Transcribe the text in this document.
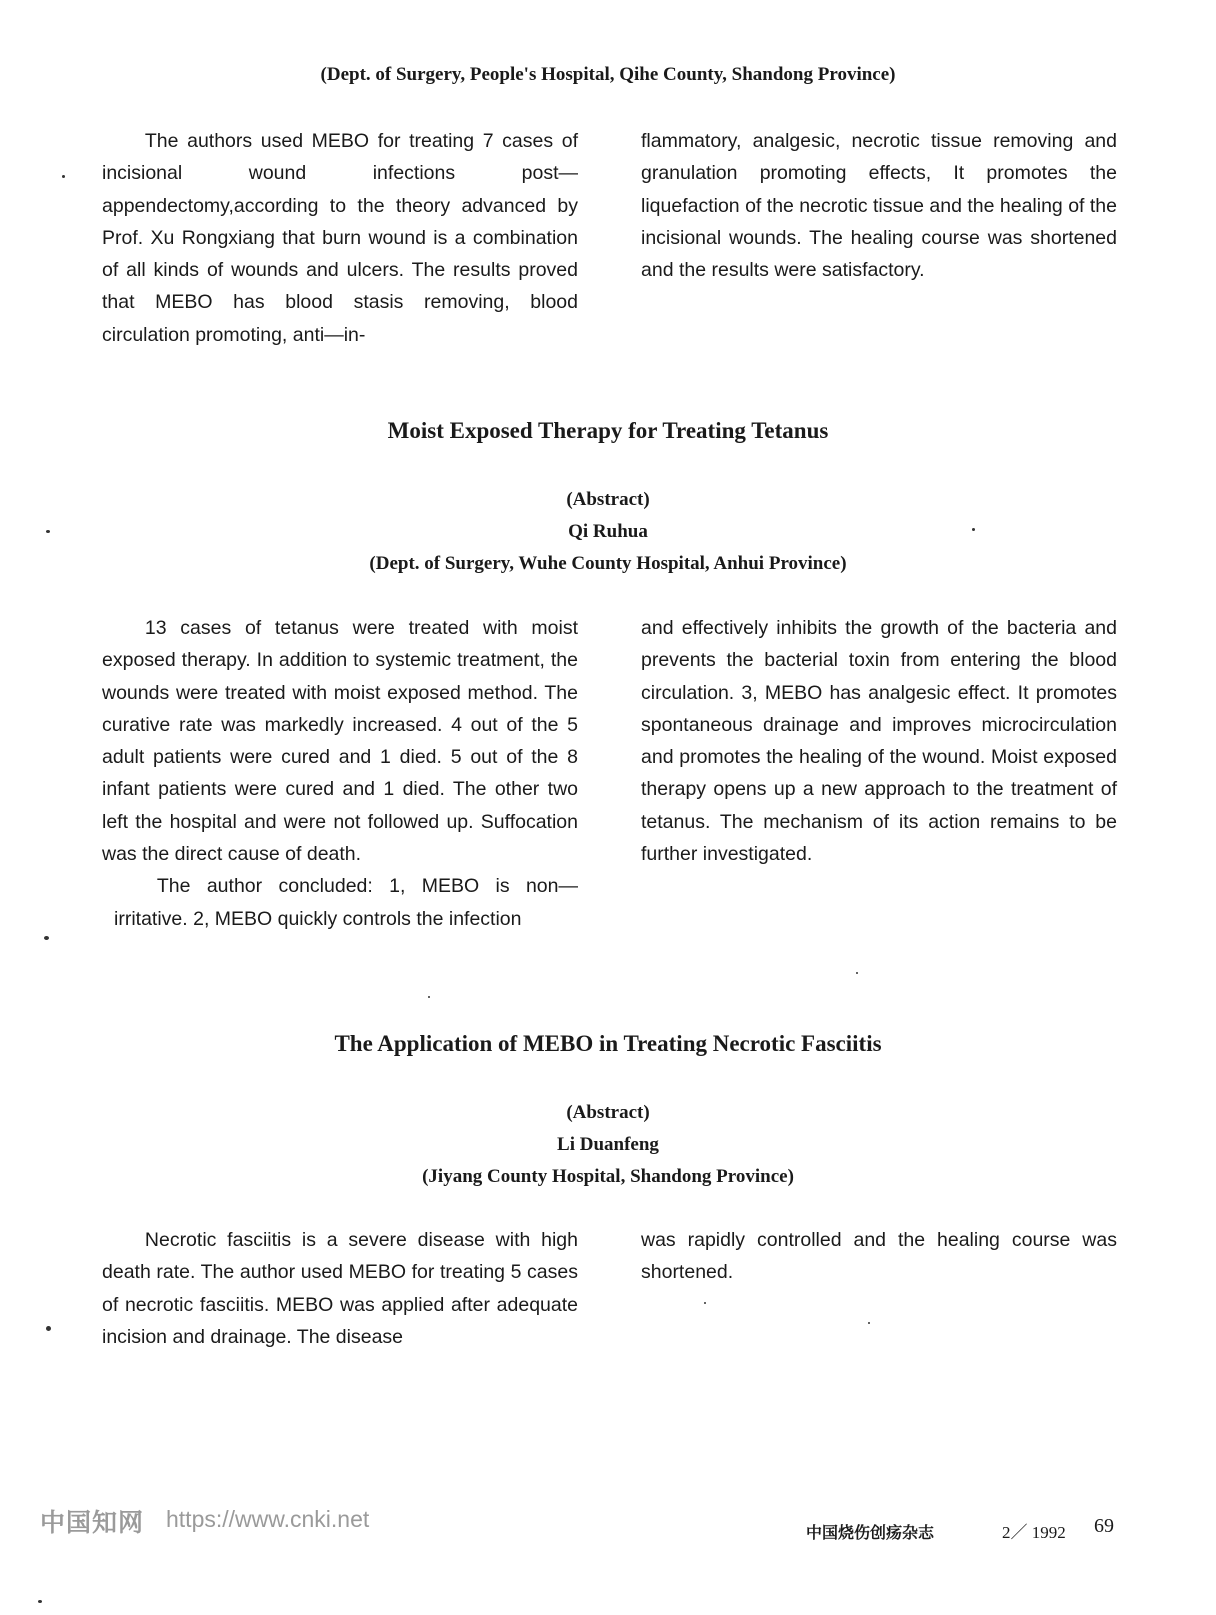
(Dept. of Surgery, People's Hospital, Qihe County, Shandong Province)

The authors used MEBO for treating 7 cases of incisional wound infections post—appendectomy,according to the theory advanced by Prof. Xu Rongxiang that burn wound is a combination of all kinds of wounds and ulcers. The results proved that MEBO has blood stasis removing, blood circulation promoting, anti—in-

flammatory, analgesic, necrotic tissue removing and granulation promoting effects, It promotes the liquefaction of the necrotic tissue and the healing of the incisional wounds. The healing course was shortened and the results were satisfactory.

Moist Exposed Therapy for Treating Tetanus
(Abstract)
Qi Ruhua
(Dept. of Surgery, Wuhe County Hospital, Anhui Province)

13 cases of tetanus were treated with moist exposed therapy. In addition to systemic treatment, the wounds were treated with moist exposed method. The curative rate was markedly increased. 4 out of the 5 adult patients were cured and 1 died. 5 out of the 8 infant patients were cured and 1 died. The other two left the hospital and were not followed up. Suffocation was the direct cause of death.

The author concluded: 1, MEBO is non—irritative. 2, MEBO quickly controls the infection

and effectively inhibits the growth of the bacteria and prevents the bacterial toxin from entering the blood circulation. 3, MEBO has analgesic effect. It promotes spontaneous drainage and improves microcirculation and promotes the healing of the wound. Moist exposed therapy opens up a new approach to the treatment of tetanus. The mechanism of its action remains to be further investigated.

The Application of MEBO in Treating Necrotic Fasciitis
(Abstract)
Li Duanfeng
(Jiyang County Hospital, Shandong Province)

Necrotic fasciitis is a severe disease with high death rate. The author used MEBO for treating 5 cases of necrotic fasciitis. MEBO was applied after adequate incision and drainage. The disease

was rapidly controlled and the healing course was shortened.

中国知网 https://www.cnki.net
中国烧伤创疡杂志	2／ 1992 69
